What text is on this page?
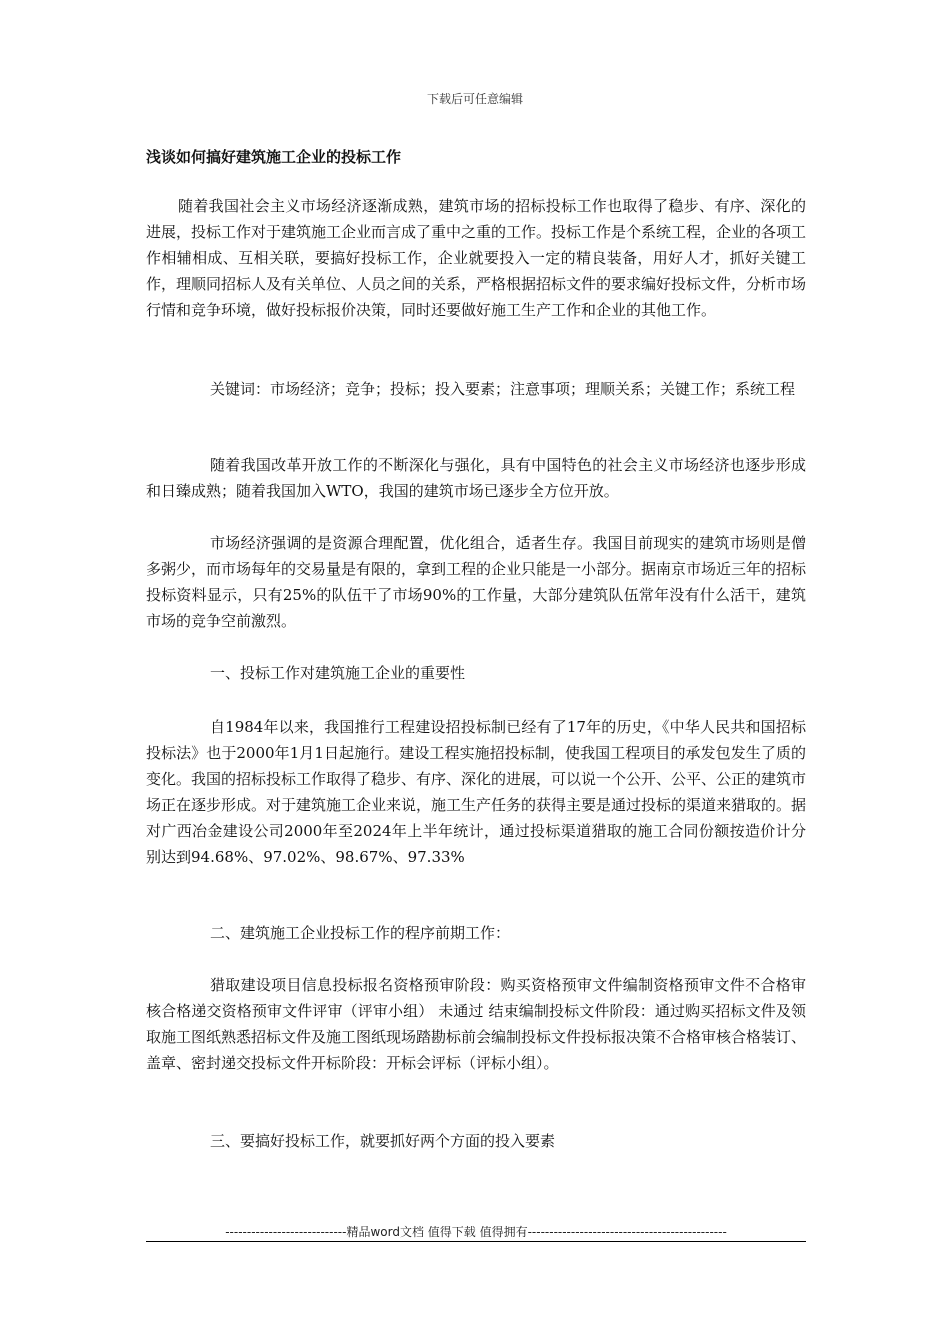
下载后可任意编辑
浅谈如何搞好建筑施工企业的投标工作

随着我国社会主义市场经济逐渐成熟，建筑市场的招标投标工作也取得了稳步、有序、深化的进展，投标工作对于建筑施工企业而言成了重中之重的工作。投标工作是个系统工程，企业的各项工作相辅相成、互相关联，要搞好投标工作，企业就要投入一定的精良装备，用好人才，抓好关键工作，理顺同招标人及有关单位、人员之间的关系，严格根据招标文件的要求编好投标文件，分析市场行情和竞争环境，做好投标报价决策，同时还要做好施工生产工作和企业的其他工作。

关键词：市场经济；竞争；投标；投入要素；注意事项；理顺关系；关键工作；系统工程

随着我国改革开放工作的不断深化与强化，具有中国特色的社会主义市场经济也逐步形成和日臻成熟；随着我国加入WTO，我国的建筑市场已逐步全方位开放。

市场经济强调的是资源合理配置，优化组合，适者生存。我国目前现实的建筑市场则是僧多粥少，而市场每年的交易量是有限的，拿到工程的企业只能是一小部分。据南京市场近三年的招标投标资料显示，只有25%的队伍干了市场90%的工作量，大部分建筑队伍常年没有什么活干，建筑市场的竞争空前激烈。

一、投标工作对建筑施工企业的重要性

自1984年以来，我国推行工程建设招投标制已经有了17年的历史，《中华人民共和国招标投标法》也于2000年1月1日起施行。建设工程实施招投标制，使我国工程项目的承发包发生了质的变化。我国的招标投标工作取得了稳步、有序、深化的进展，可以说一个公开、公平、公正的建筑市场正在逐步形成。对于建筑施工企业来说，施工生产任务的获得主要是通过投标的渠道来猎取的。据对广西冶金建设公司2000年至2024年上半年统计，通过投标渠道猎取的施工合同份额按造价计分别达到94.68%、97.02%、98.67%、97.33%

二、建筑施工企业投标工作的程序前期工作：

猎取建设项目信息投标报名资格预审阶段：购买资格预审文件编制资格预审文件不合格审核合格递交资格预审文件评审（评审小组） 未通过 结束编制投标文件阶段：通过购买招标文件及领取施工图纸熟悉招标文件及施工图纸现场踏勘标前会编制投标文件投标报决策不合格审核合格装订、盖章、密封递交投标文件开标阶段：开标会评标（评标小组）。

三、要搞好投标工作，就要抓好两个方面的投入要素

----------------------------精品word文档 值得下载 值得拥有----------------------------------------------
